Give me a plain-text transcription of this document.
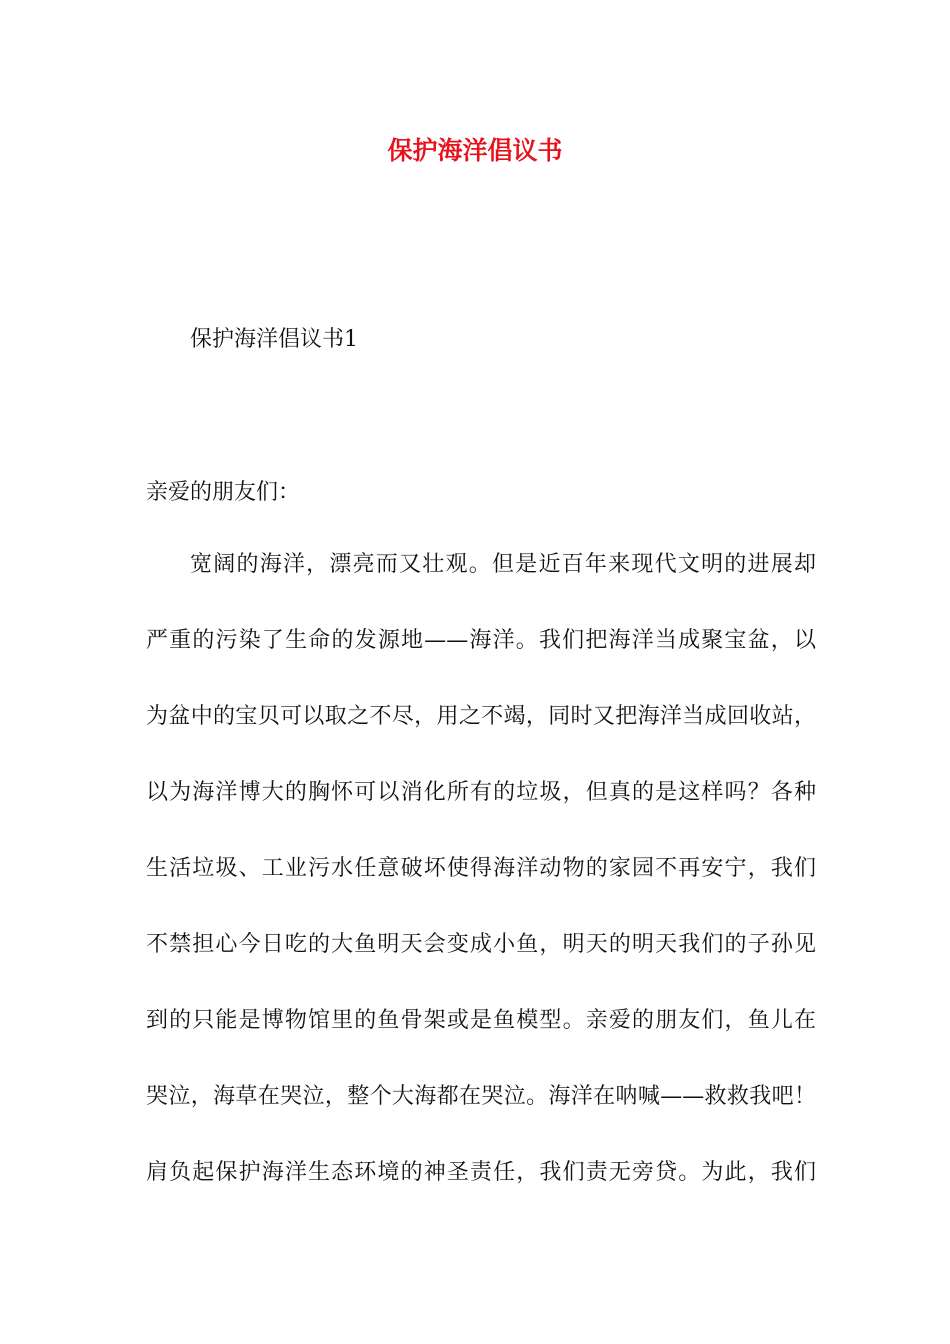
保护海洋倡议书
保护海洋倡议书1
亲爱的朋友们：
宽阔的海洋，漂亮而又壮观。但是近百年来现代文明的进展却
严重的污染了生命的发源地——海洋。我们把海洋当成聚宝盆，以
为盆中的宝贝可以取之不尽，用之不竭，同时又把海洋当成回收站，
以为海洋博大的胸怀可以消化所有的垃圾，但真的是这样吗？各种
生活垃圾、工业污水任意破坏使得海洋动物的家园不再安宁，我们
不禁担心今日吃的大鱼明天会变成小鱼，明天的明天我们的子孙见
到的只能是博物馆里的鱼骨架或是鱼模型。亲爱的朋友们，鱼儿在
哭泣，海草在哭泣，整个大海都在哭泣。海洋在呐喊——救救我吧！
肩负起保护海洋生态环境的神圣责任，我们责无旁贷。为此，我们
